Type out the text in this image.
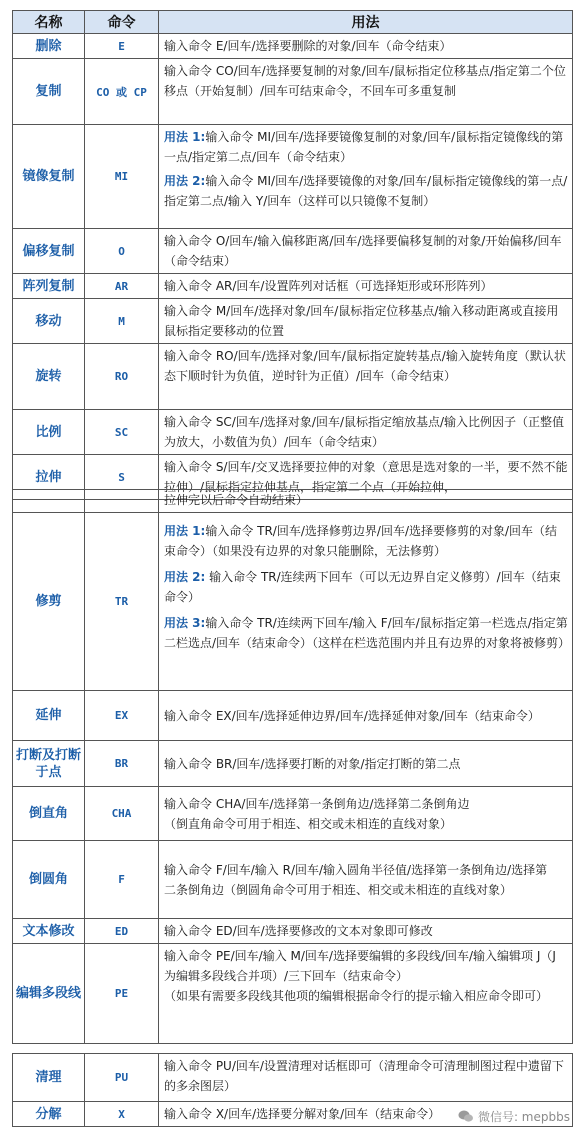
名称	命令	用法
删除	E	输入命令 E/回车/选择要删除的对象/回车（命令结束）

复制	CO 或 CP	输入命令 CO/回车/选择要复制的对象/回车/鼠标指定位移基点/指定第二个位移点（开始复制）/回车可结束命令，不回车可多重复制

镜像复制	MI	用法 1:输入命令 MI/回车/选择要镜像复制的对象/回车/鼠标指定镜像线的第一点/指定第二点/回车（命令结束）

用法 2:输入命令 MI/回车/选择要镜像的对象/回车/鼠标指定镜像线的第一点/指定第二点/输入 Y/回车（这样可以只镜像不复制）

偏移复制	O	输入命令 O/回车/输入偏移距离/回车/选择要偏移复制的对象/开始偏移/回车（命令结束）

阵列复制	AR	输入命令 AR/回车/设置阵列对话框（可选择矩形或环形阵列）

移动	M	输入命令 M/回车/选择对象/回车/鼠标指定位移基点/输入移动距离或直接用鼠标指定要移动的位置

旋转	RO	输入命令 RO/回车/选择对象/回车/鼠标指定旋转基点/输入旋转角度（默认状态下顺时针为负值，逆时针为正值）/回车（命令结束）

比例	SC	输入命令 SC/回车/选择对象/回车/鼠标指定缩放基点/输入比例因子（正整值为放大，小数值为负）/回车（命令结束）

拉伸	S	输入命令 S/回车/交叉选择要拉伸的对象（意思是选对象的一半，要不然不能拉伸）/鼠标指定拉伸基点，指定第二个点（开始拉伸，

		拉伸完以后命令自动结束）

修剪	TR	用法 1:输入命令 TR/回车/选择修剪边界/回车/选择要修剪的对象/回车（结束命令）（如果没有边界的对象只能删除，无法修剪）

用法 2: 输入命令 TR/连续两下回车（可以无边界自定义修剪）/回车（结束命令）

用法 3:输入命令 TR/连续两下回车/输入 F/回车/鼠标指定第一栏选点/指定第二栏选点/回车（结束命令）（这样在栏选范围内并且有边界的对象将被修剪）

延伸	EX	输入命令 EX/回车/选择延伸边界/回车/选择延伸对象/回车（结束命令）

打断及打断于点	BR	输入命令 BR/回车/选择要打断的对象/指定打断的第二点

倒直角	CHA	输入命令 CHA/回车/选择第一条倒角边/选择第二条倒角边

（倒直角命令可用于相连、相交或未相连的直线对象）

倒圆角	F	输入命令 F/回车/输入 R/回车/输入圆角半径值/选择第一条倒角边/选择第

二条倒角边（倒圆角命令可用于相连、相交或未相连的直线对象）

文本修改	ED	输入命令 ED/回车/选择要修改的文本对象即可修改

编辑多段线	PE	输入命令 PE/回车/输入 M/回车/选择要编辑的多段线/回车/输入编辑项 J（J 为编辑多段线合并项）/三下回车（结束命令）

（如果有需要多段线其他项的编辑根据命令行的提示输入相应命令即可）

清理	PU	输入命令 PU/回车/设置清理对话框即可（清理命令可清理制图过程中遗留下的多余图层）

分解	X	输入命令 X/回车/选择要分解对象/回车（结束命令）	微信号: mepbbs
